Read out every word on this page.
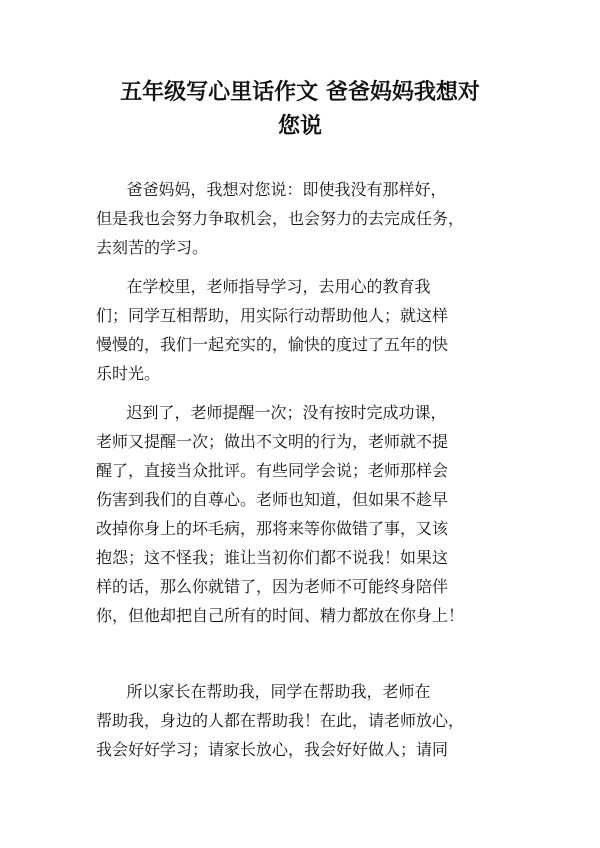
五年级写心里话作文 爸爸妈妈我想对
您说

爸爸妈妈，我想对您说：即使我没有那样好，
但是我也会努力争取机会，也会努力的去完成任务，
去刻苦的学习。

在学校里，老师指导学习，去用心的教育我
们；同学互相帮助，用实际行动帮助他人；就这样
慢慢的，我们一起充实的，愉快的度过了五年的快
乐时光。

迟到了，老师提醒一次；没有按时完成功课，
老师又提醒一次；做出不文明的行为，老师就不提
醒了，直接当众批评。有些同学会说；老师那样会
伤害到我们的自尊心。老师也知道，但如果不趁早
改掉你身上的坏毛病，那将来等你做错了事，又该
抱怨；这不怪我；谁让当初你们都不说我！如果这
样的话，那么你就错了，因为老师不可能终身陪伴
你，但他却把自己所有的时间、精力都放在你身上！

所以家长在帮助我，同学在帮助我，老师在
帮助我，身边的人都在帮助我！在此，请老师放心，
我会好好学习；请家长放心，我会好好做人；请同
